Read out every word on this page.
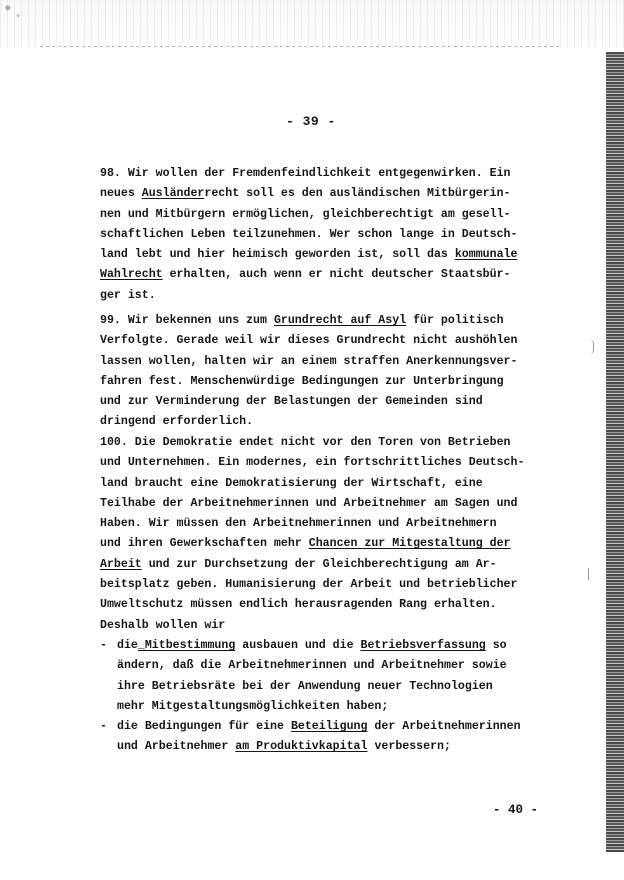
- 39 -
98. Wir wollen der Fremdenfeindlichkeit entgegenwirken. Ein
neues Ausländerrecht soll es den ausländischen Mitbürgerin-
nen und Mitbürgern ermöglichen, gleichberechtigt am gesell-
schaftlichen Leben teilzunehmen. Wer schon lange in Deutsch-
land lebt und hier heimisch geworden ist, soll das kommunale
Wahlrecht erhalten, auch wenn er nicht deutscher Staatsbür-
ger ist.
99. Wir bekennen uns zum Grundrecht auf Asyl für politisch
Verfolgte. Gerade weil wir dieses Grundrecht nicht aushöhlen
lassen wollen, halten wir an einem straffen Anerkennungsver-
fahren fest. Menschenwürdige Bedingungen zur Unterbringung
und zur Verminderung der Belastungen der Gemeinden sind
dringend erforderlich.
100. Die Demokratie endet nicht vor den Toren von Betrieben
und Unternehmen. Ein modernes, ein fortschrittliches Deutsch-
land braucht eine Demokratisierung der Wirtschaft, eine
Teilhabe der Arbeitnehmerinnen und Arbeitnehmer am Sagen und
Haben. Wir müssen den Arbeitnehmerinnen und Arbeitnehmern
und ihren Gewerkschaften mehr Chancen zur Mitgestaltung der
Arbeit und zur Durchsetzung der Gleichberechtigung am Ar-
beitsplatz geben. Humanisierung der Arbeit und betrieblicher
Umweltschutz müssen endlich herausragenden Rang erhalten.
Deshalb wollen wir
- die_Mitbestimmung ausbauen und die Betriebsverfassung so
ändern, daß die Arbeitnehmerinnen und Arbeitnehmer sowie
ihre Betriebsräte bei der Anwendung neuer Technologien
mehr Mitgestaltungsmöglichkeiten haben;
- die Bedingungen für eine Beteiligung der Arbeitnehmerinnen
und Arbeitnehmer am Produktivkapital verbessern;
- 40 -
